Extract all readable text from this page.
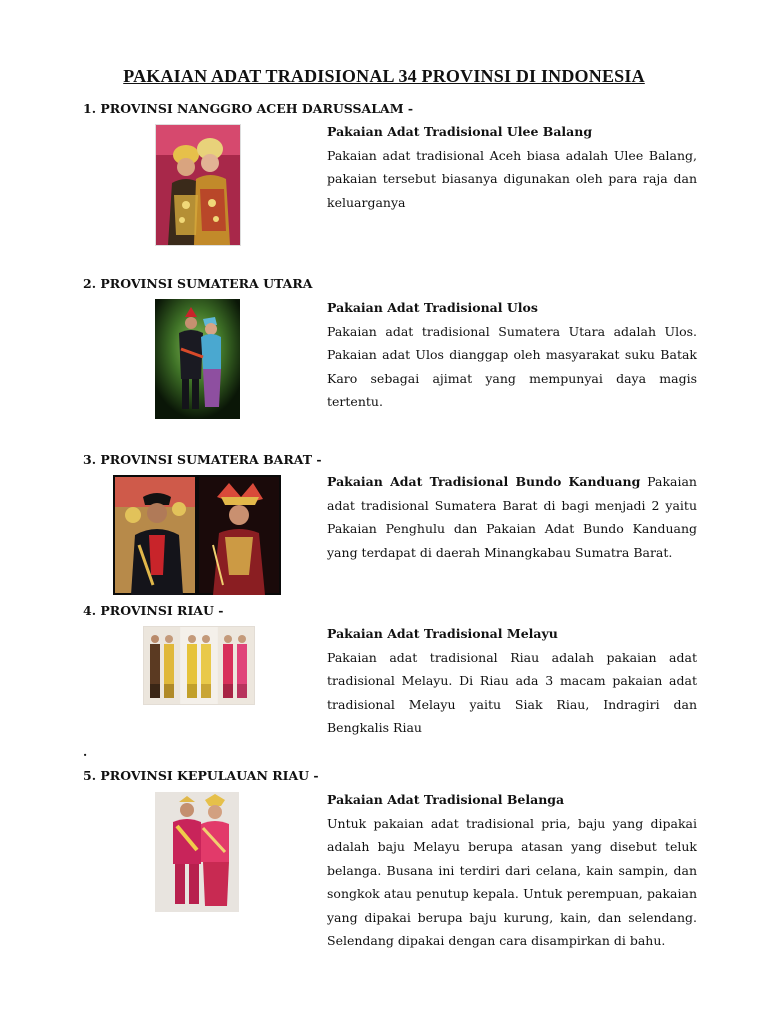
PAKAIAN ADAT TRADISIONAL 34 PROVINSI DI INDONESIA
1. PROVINSI NANGGRO ACEH DARUSSALAM -
Pakaian Adat Tradisional Ulee Balang
Pakaian adat tradisional Aceh biasa adalah Ulee Balang, pakaian tersebut biasanya digunakan oleh para raja dan keluarganya
2. PROVINSI SUMATERA UTARA
Pakaian Adat Tradisional Ulos
Pakaian adat tradisional Sumatera Utara adalah Ulos. Pakaian adat Ulos dianggap oleh masyarakat suku Batak Karo sebagai ajimat yang mempunyai daya magis tertentu.
3. PROVINSI SUMATERA BARAT -
Pakaian Adat Tradisional Bundo Kanduang Pakaian adat tradisional Sumatera Barat di bagi menjadi 2 yaitu Pakaian Penghulu dan Pakaian Adat Bundo Kanduang yang terdapat di daerah Minangkabau Sumatra Barat.
4. PROVINSI RIAU -
Pakaian Adat Tradisional Melayu
Pakaian adat tradisional Riau adalah pakaian adat tradisional Melayu. Di Riau ada 3 macam pakaian adat tradisional Melayu yaitu Siak Riau, Indragiri dan Bengkalis Riau
.
5. PROVINSI KEPULAUAN RIAU -
Pakaian Adat Tradisional Belanga
Untuk pakaian adat tradisional pria, baju yang dipakai adalah baju Melayu berupa atasan yang disebut teluk belanga. Busana ini terdiri dari celana, kain sampin, dan songkok atau penutup kepala. Untuk perempuan, pakaian yang dipakai berupa baju kurung, kain, dan selendang. Selendang dipakai dengan cara disampirkan di bahu.
